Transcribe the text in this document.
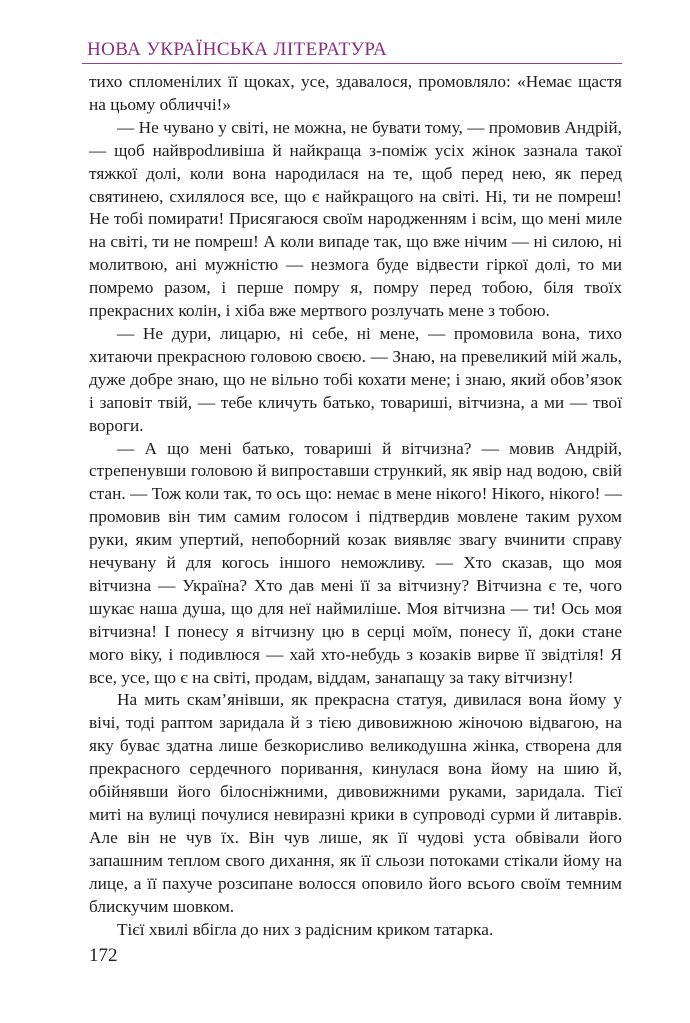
НОВА УКРАЇНСЬКА ЛІТЕРАТУРА

тихо спломенілих її щоках, усе, здавалося, промовляло: «Немає щастя на цьому обличчі!»

— Не чувано у світі, не можна, не бувати тому, — промовив Андрій, — щоб найврodливіша й найкраща з-поміж усіх жінок зазнала такої тяжкої долі, коли вона народилася на те, щоб перед нею, як перед святинею, схилялося все, що є найкращого на світі. Ні, ти не помреш! Не тобі помирати! Присягаюся своїм народженням і всім, що мені миле на світі, ти не помреш! А коли випаде так, що вже нічим — ні силою, ні молитвою, ані мужністю — незмога буде відвести гіркої долі, то ми помремо разом, і перше помру я, помру перед тобою, біля твоїх прекрасних колін, і хіба вже мертвого розлучать мене з тобою.

— Не дури, лицарю, ні себе, ні мене, — промовила вона, тихо хитаючи прекрасною головою своєю. — Знаю, на превеликий мій жаль, дуже добре знаю, що не вільно тобі кохати мене; і знаю, який обов’язок і заповіт твій, — тебе кличуть батько, товариші, вітчизна, а ми — твої вороги.

— А що мені батько, товариші й вітчизна? — мовив Андрій, стрепенувши головою й випроставши стрункий, як явір над водою, свій стан. — Тож коли так, то ось що: немає в мене нікого! Нікого, нікого! — промовив він тим самим голосом і підтвердив мовлене таким рухом руки, яким упертий, непоборний козак виявляє звагу вчинити справу нечувану й для когось іншого неможливу. — Хто сказав, що моя вітчизна — Україна? Хто дав мені її за вітчизну? Вітчизна є те, чого шукає наша душа, що для неї наймиліше. Моя вітчизна — ти! Ось моя вітчизна! І понесу я вітчизну цю в серці моїм, понесу її, доки стане мого віку, і подивлюся — хай хто-небудь з козаків вирве її звідтіля! Я все, усе, що є на світі, продам, віддам, занапащу за таку вітчизну!

На мить скам’янівши, як прекрасна статуя, дивилася вона йому у вічі, тоді раптом заридала й з тією дивовижною жіночою відвагою, на яку буває здатна лише безкорисливо великодушна жінка, створена для прекрасного сердечного поривання, кинулася вона йому на шию й, обійнявши його білосніжними, дивовижними руками, заридала. Тієї миті на вулиці почулися невиразні крики в супроводі сурми й литаврів. Але він не чув їх. Він чув лише, як її чудові уста обвівали його запашним теплом свого дихання, як її сльози потоками стікали йому на лице, а її пахуче розсипане волосся оповило його всього своїм темним блискучим шовком.

Тієї хвилі вбігла до них з радісним криком татарка.

172
